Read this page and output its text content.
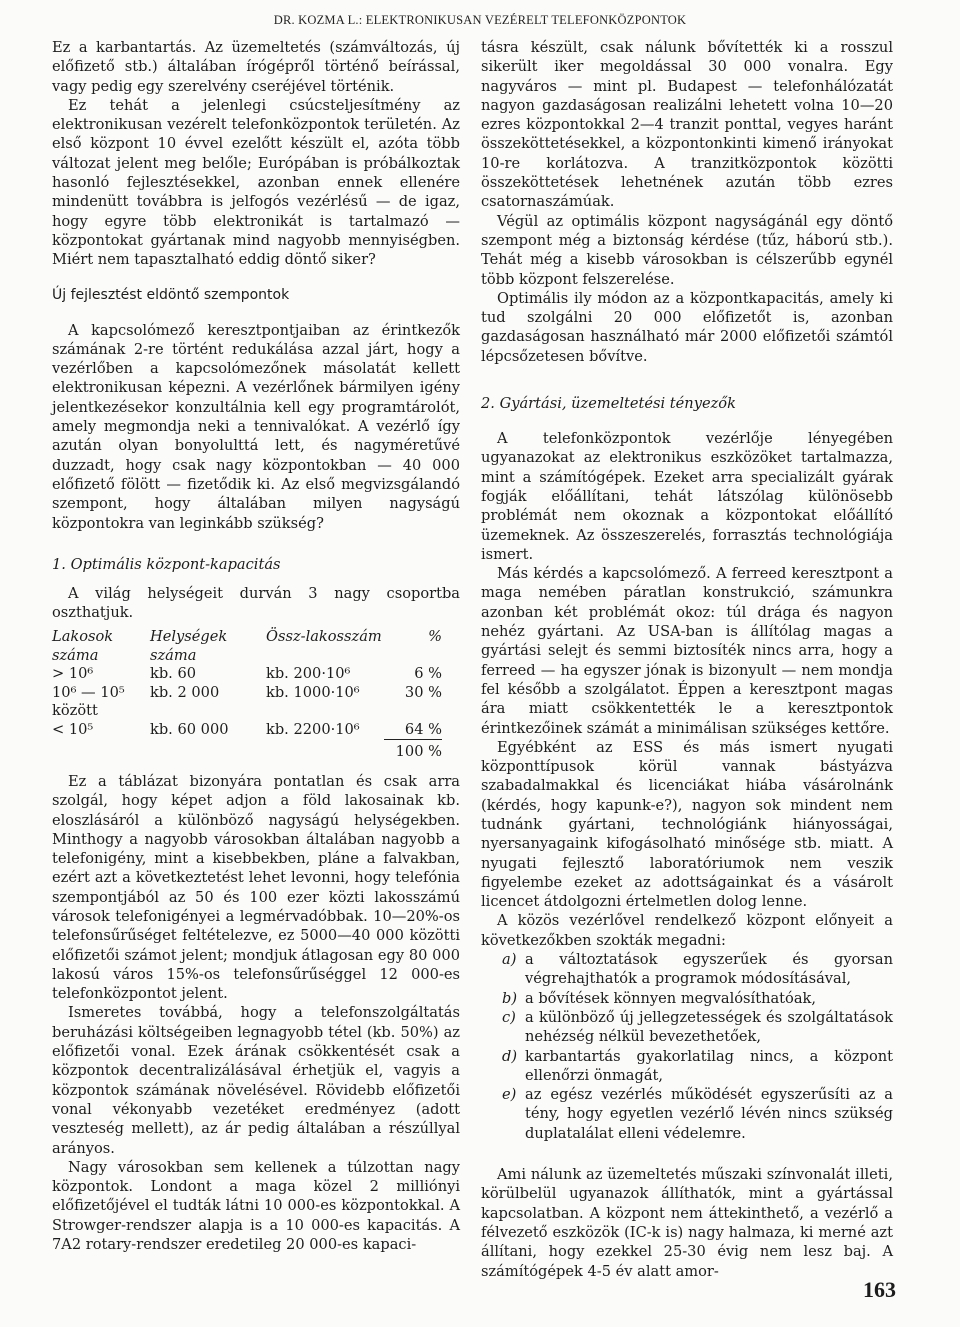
DR. KOZMA L.: ELEKTRONIKUSAN VEZÉRELT TELEFONKÖZPONTOK

Ez a karbantartás. Az üzemeltetés (számváltozás, új előfizető stb.) általában írógépről történő beírással, vagy pedig egy szerelvény cseréjével történik.

Ez tehát a jelenlegi csúcsteljesítmény az elektronikusan vezérelt telefonközpontok területén. Az első központ 10 évvel ezelőtt készült el, azóta több változat jelent meg belőle; Európában is próbálkoztak hasonló fejlesztésekkel, azonban ennek ellenére mindenütt továbbra is jelfogós vezérlésű — de igaz, hogy egyre több elektronikát is tartalmazó — központokat gyártanak mind nagyobb mennyiségben. Miért nem tapasztalható eddig döntő siker?

Új fejlesztést eldöntő szempontok

A kapcsolómező keresztpontjaiban az érintkezők számának 2-re történt redukálása azzal járt, hogy a vezérlőben a kapcsolómezőnek másolatát kellett elektronikusan képezni. A vezérlőnek bármilyen igény jelentkezésekor konzultálnia kell egy programtárolót, amely megmondja neki a tennivalókat. A vezérlő így azután olyan bonyolulttá lett, és nagyméretűvé duzzadt, hogy csak nagy központokban — 40 000 előfizető fölött — fizetődik ki. Az első megvizsgálandó szempont, hogy általában milyen nagyságú központokra van leginkább szükség?

1. Optimális központ-kapacitás

A világ helységeit durván 3 nagy csoportba oszthatjuk.

Lakosok száma	Helységek száma	Össz-lakosszám	%
> 10⁶	kb. 60	kb. 200·10⁶	6 %
10⁶ — 10⁵ között	kb. 2 000	kb. 1000·10⁶	30 %
< 10⁵	kb. 60 000	kb. 2200·10⁶	64 %
			100 %

Ez a táblázat bizonyára pontatlan és csak arra szolgál, hogy képet adjon a föld lakosainak kb. eloszlásáról a különböző nagyságú helységekben. Minthogy a nagyobb városokban általában nagyobb a telefonigény, mint a kisebbekben, pláne a falvakban, ezért azt a következtetést lehet levonni, hogy telefónia szempontjából az 50 és 100 ezer közti lakosszámú városok telefonigényei a legmérvadóbbak. 10—20%-os telefonsűrűséget feltételezve, ez 5000—40 000 közötti előfizetői számot jelent; mondjuk átlagosan egy 80 000 lakosú város 15%-os telefonsűrűséggel 12 000-es telefonközpontot jelent.

Ismeretes továbbá, hogy a telefonszolgáltatás beruházási költségeiben legnagyobb tétel (kb. 50%) az előfizetői vonal. Ezek árának csökkentését csak a központok decentralizálásával érhetjük el, vagyis a központok számának növelésével. Rövidebb előfizetői vonal vékonyabb vezetéket eredményez (adott veszteség mellett), az ár pedig általában a részúllyal arányos.

Nagy városokban sem kellenek a túlzottan nagy központok. Londont a maga közel 2 milliónyi előfizetőjével el tudták látni 10 000-es központokkal. A Strowger-rendszer alapja is a 10 000-es kapacitás. A 7A2 rotary-rendszer eredetileg 20 000-es kapaci-

tásra készült, csak nálunk bővítették ki a rosszul sikerült iker megoldással 30 000 vonalra. Egy nagyváros — mint pl. Budapest — telefonhálózatát nagyon gazdaságosan realizálni lehetett volna 10—20 ezres központokkal 2—4 tranzit ponttal, vegyes haránt összeköttetésekkel, a központonkinti kimenő irányokat 10-re korlátozva. A tranzitközpontok közötti összeköttetések lehetnének azután több ezres csatornaszámúak.

Végül az optimális központ nagyságánál egy döntő szempont még a biztonság kérdése (tűz, háború stb.). Tehát még a kisebb városokban is célszerűbb egynél több központ felszerelése.

Optimális ily módon az a központkapacitás, amely ki tud szolgálni 20 000 előfizetőt is, azonban gazdaságosan használható már 2000 előfizetői számtól lépcsőzetesen bővítve.

2. Gyártási, üzemeltetési tényezők

A telefonközpontok vezérlője lényegében ugyanazokat az elektronikus eszközöket tartalmazza, mint a számítógépek. Ezeket arra specializált gyárak fogják előállítani, tehát látszólag különösebb problémát nem okoznak a központokat előállító üzemeknek. Az összeszerelés, forrasztás technológiája ismert.

Más kérdés a kapcsolómező. A ferreed keresztpont a maga nemében páratlan konstrukció, számunkra azonban két problémát okoz: túl drága és nagyon nehéz gyártani. Az USA-ban is állítólag magas a gyártási selejt és semmi biztosíték nincs arra, hogy a ferreed — ha egyszer jónak is bizonyult — nem mondja fel később a szolgálatot. Éppen a keresztpont magas ára miatt csökkentették le a keresztpontok érintkezőinek számát a minimálisan szükséges kettőre.

Egyébként az ESS és más ismert nyugati központtípusok körül vannak bástyázva szabadalmakkal és licenciákat hiába vásárolnánk (kérdés, hogy kapunk-e?), nagyon sok mindent nem tudnánk gyártani, technológiánk hiányosságai, nyersanyagaink kifogásolható minősége stb. miatt. A nyugati fejlesztő laboratóriumok nem veszik figyelembe ezeket az adottságainkat és a vásárolt licencet átdolgozni értelmetlen dolog lenne.

A közös vezérlővel rendelkező központ előnyeit a következőkben szokták megadni:

a) a változtatások egyszerűek és gyorsan végrehajthatók a programok módosításával,
b) a bővítések könnyen megvalósíthatóak,
c) a különböző új jellegzetességek és szolgáltatások nehézség nélkül bevezethetőek,
d) karbantartás gyakorlatilag nincs, a központ ellenőrzi önmagát,
e) az egész vezérlés működését egyszerűsíti az a tény, hogy egyetlen vezérlő lévén nincs szükség duplatalálat elleni védelemre.

Ami nálunk az üzemeltetés műszaki színvonalát illeti, körülbelül ugyanazok állíthatók, mint a gyártással kapcsolatban. A központ nem áttekinthető, a vezérlő a félvezető eszközök (IC-k is) nagy halmaza, ki merné azt állítani, hogy ezekkel 25-30 évig nem lesz baj. A számítógépek 4-5 év alatt amor-

163
